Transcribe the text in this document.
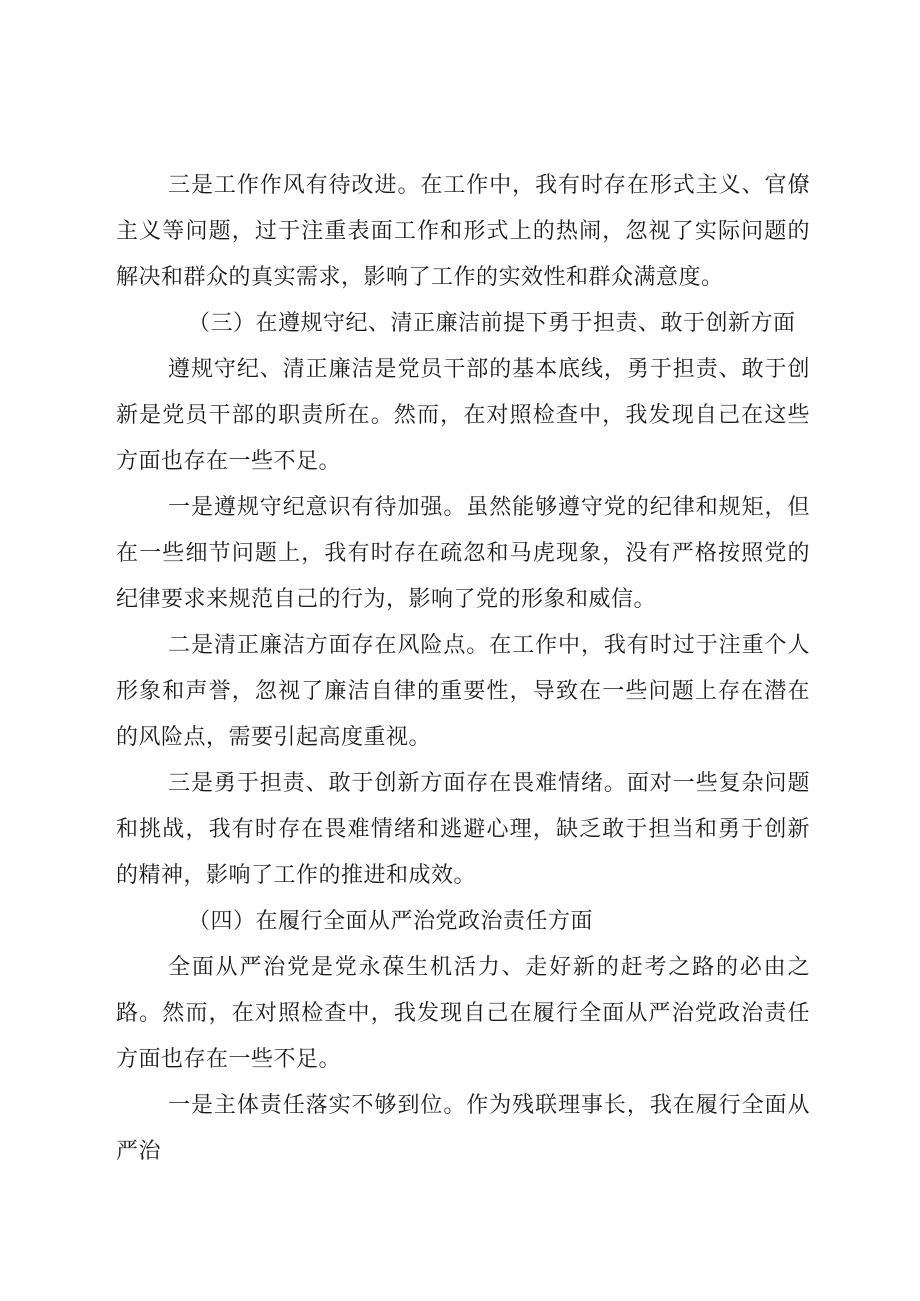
三是工作作风有待改进。在工作中，我有时存在形式主义、官僚主义等问题，过于注重表面工作和形式上的热闹，忽视了实际问题的解决和群众的真实需求，影响了工作的实效性和群众满意度。

（三）在遵规守纪、清正廉洁前提下勇于担责、敢于创新方面

遵规守纪、清正廉洁是党员干部的基本底线，勇于担责、敢于创新是党员干部的职责所在。然而，在对照检查中，我发现自己在这些方面也存在一些不足。

一是遵规守纪意识有待加强。虽然能够遵守党的纪律和规矩，但在一些细节问题上，我有时存在疏忽和马虎现象，没有严格按照党的纪律要求来规范自己的行为，影响了党的形象和威信。

二是清正廉洁方面存在风险点。在工作中，我有时过于注重个人形象和声誉，忽视了廉洁自律的重要性，导致在一些问题上存在潜在的风险点，需要引起高度重视。

三是勇于担责、敢于创新方面存在畏难情绪。面对一些复杂问题和挑战，我有时存在畏难情绪和逃避心理，缺乏敢于担当和勇于创新的精神，影响了工作的推进和成效。

（四）在履行全面从严治党政治责任方面

全面从严治党是党永葆生机活力、走好新的赶考之路的必由之路。然而，在对照检查中，我发现自己在履行全面从严治党政治责任方面也存在一些不足。

一是主体责任落实不够到位。作为残联理事长，我在履行全面从严治
